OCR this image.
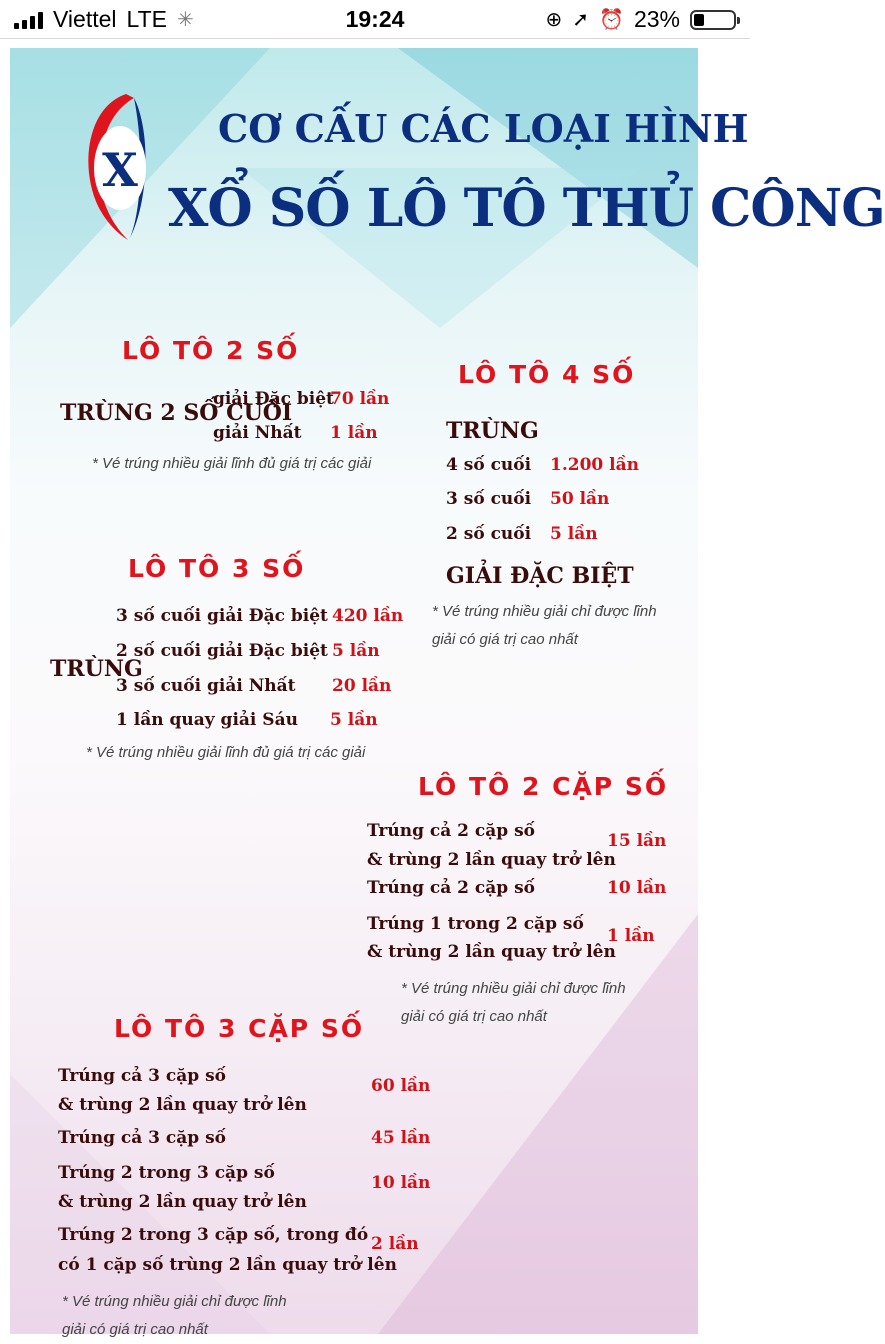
Viettel LTE ✳	19:24	⊕ ➚ ⏰ 23%
X
CƠ CẤU CÁC LOẠI HÌNH
XỔ SỐ LÔ TÔ THỦ CÔNG
LÔ TÔ 2 SỐ
TRÙNG 2 SỐ CUỐI
giải Đặc biệt
70 lần
giải Nhất 1 lần
* Vé trúng nhiều giải lĩnh đủ giá trị các giải
LÔ TÔ 4 SỐ
TRÙNG
4 số cuối 1.200 lần
3 số cuối 50 lần
2 số cuối 5 lần
GIẢI ĐẶC BIỆT
* Vé trúng nhiều giải chỉ được lĩnh
giải có giá trị cao nhất
LÔ TÔ 3 SỐ
TRÙNG
3 số cuối giải Đặc biệt 420 lần
2 số cuối giải Đặc biệt 5 lần
3 số cuối giải Nhất 20 lần
1 lần quay giải Sáu 5 lần
* Vé trúng nhiều giải lĩnh đủ giá trị các giải
LÔ TÔ 2 CẶP SỐ
Trúng cả 2 cặp số
& trùng 2 lần quay trở lên
15 lần
Trúng cả 2 cặp số	10 lần
Trúng 1 trong 2 cặp số
& trùng 2 lần quay trở lên
1 lần
* Vé trúng nhiều giải chỉ được lĩnh
giải có giá trị cao nhất
LÔ TÔ 3 CẶP SỐ
Trúng cả 3 cặp số
& trùng 2 lần quay trở lên
60 lần
Trúng cả 3 cặp số	45 lần
Trúng 2 trong 3 cặp số
& trùng 2 lần quay trở lên
10 lần
Trúng 2 trong 3 cặp số, trong đó
có 1 cặp số trùng 2 lần quay trở lên
2 lần
* Vé trúng nhiều giải chỉ được lĩnh
giải có giá trị cao nhất
